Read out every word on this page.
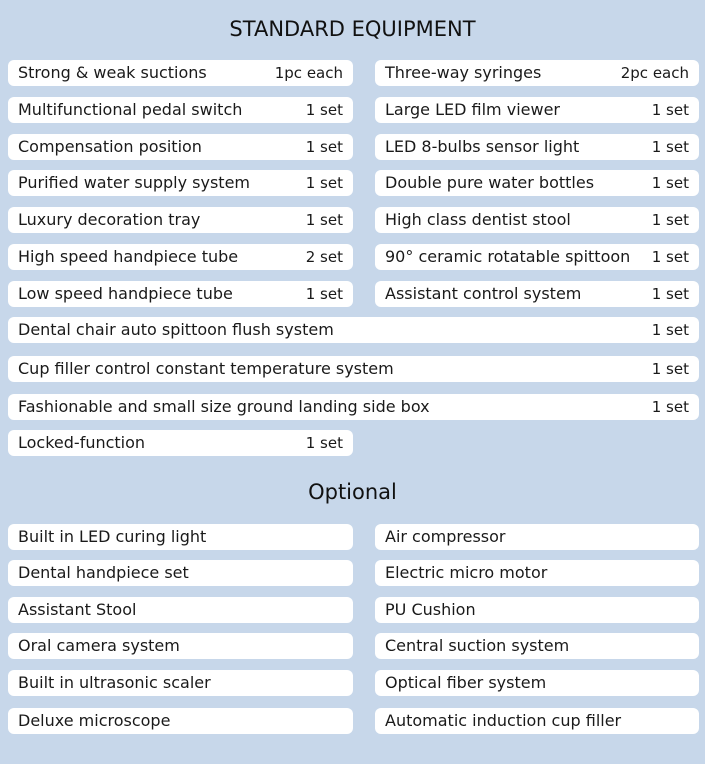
STANDARD EQUIPMENT
Strong & weak suctions	1pc each	Three-way syringes	2pc each
Multifunctional pedal switch	1 set	Large LED film viewer	1 set
Compensation position	1 set	LED 8-bulbs sensor light	1 set
Purified water supply system	1 set	Double pure water bottles	1 set
Luxury decoration tray	1 set	High class dentist stool	1 set
High speed handpiece tube	2 set	90° ceramic rotatable spittoon 1 set
Low speed handpiece tube	1 set	Assistant control system	1 set
Dental chair auto spittoon flush system	1 set
Cup filler control constant temperature system	1 set
Fashionable and small size ground landing side box	1 set
Locked-function	1 set
Optional
Built in LED curing light	Air compressor
Dental handpiece set	Electric micro motor
Assistant Stool	PU Cushion
Oral camera system	Central suction system
Built in ultrasonic scaler	Optical fiber system
Deluxe microscope	Automatic induction cup filler
